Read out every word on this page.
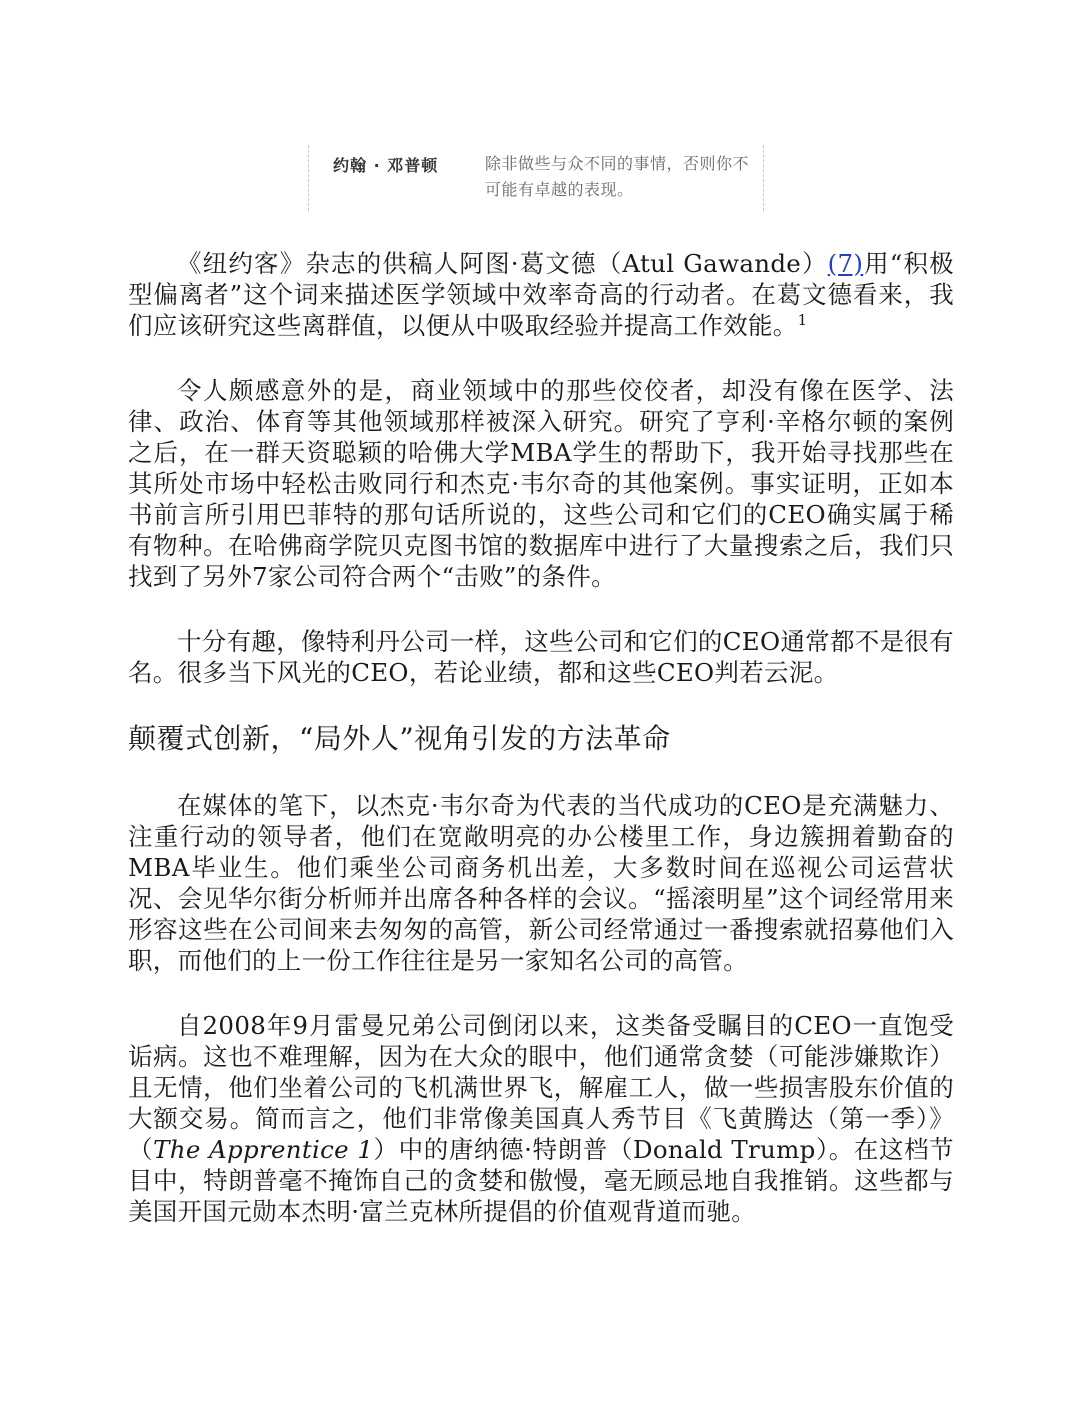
约翰 · 邓普顿	除非做些与众不同的事情，否则你不可能有卓越的表现。

《纽约客》杂志的供稿人阿图·葛文德（Atul Gawande）(7)用“积极型偏离者”这个词来描述医学领域中效率奇高的行动者。在葛文德看来，我们应该研究这些离群值，以便从中吸取经验并提高工作效能。$^1$

令人颇感意外的是，商业领域中的那些佼佼者，却没有像在医学、法律、政治、体育等其他领域那样被深入研究。研究了亨利·辛格尔顿的案例之后，在一群天资聪颖的哈佛大学MBA学生的帮助下，我开始寻找那些在其所处市场中轻松击败同行和杰克·韦尔奇的其他案例。事实证明，正如本书前言所引用巴菲特的那句话所说的，这些公司和它们的CEO确实属于稀有物种。在哈佛商学院贝克图书馆的数据库中进行了大量搜索之后，我们只找到了另外7家公司符合两个“击败”的条件。

十分有趣，像特利丹公司一样，这些公司和它们的CEO通常都不是很有名。很多当下风光的CEO，若论业绩，都和这些CEO判若云泥。

颠覆式创新，“局外人”视角引发的方法革命

在媒体的笔下，以杰克·韦尔奇为代表的当代成功的CEO是充满魅力、注重行动的领导者，他们在宽敞明亮的办公楼里工作，身边簇拥着勤奋的MBA毕业生。他们乘坐公司商务机出差，大多数时间在巡视公司运营状况、会见华尔街分析师并出席各种各样的会议。“摇滚明星”这个词经常用来形容这些在公司间来去匆匆的高管，新公司经常通过一番搜索就招募他们入职，而他们的上一份工作往往是另一家知名公司的高管。

自2008年9月雷曼兄弟公司倒闭以来，这类备受瞩目的CEO一直饱受诟病。这也不难理解，因为在大众的眼中，他们通常贪婪（可能涉嫌欺诈）且无情，他们坐着公司的飞机满世界飞，解雇工人，做一些损害股东价值的大额交易。简而言之，他们非常像美国真人秀节目《飞黄腾达（第一季）》（The Apprentice 1）中的唐纳德·特朗普（Donald Trump）。在这档节目中，特朗普毫不掩饰自己的贪婪和傲慢，毫无顾忌地自我推销。这些都与美国开国元勋本杰明·富兰克林所提倡的价值观背道而驰。
